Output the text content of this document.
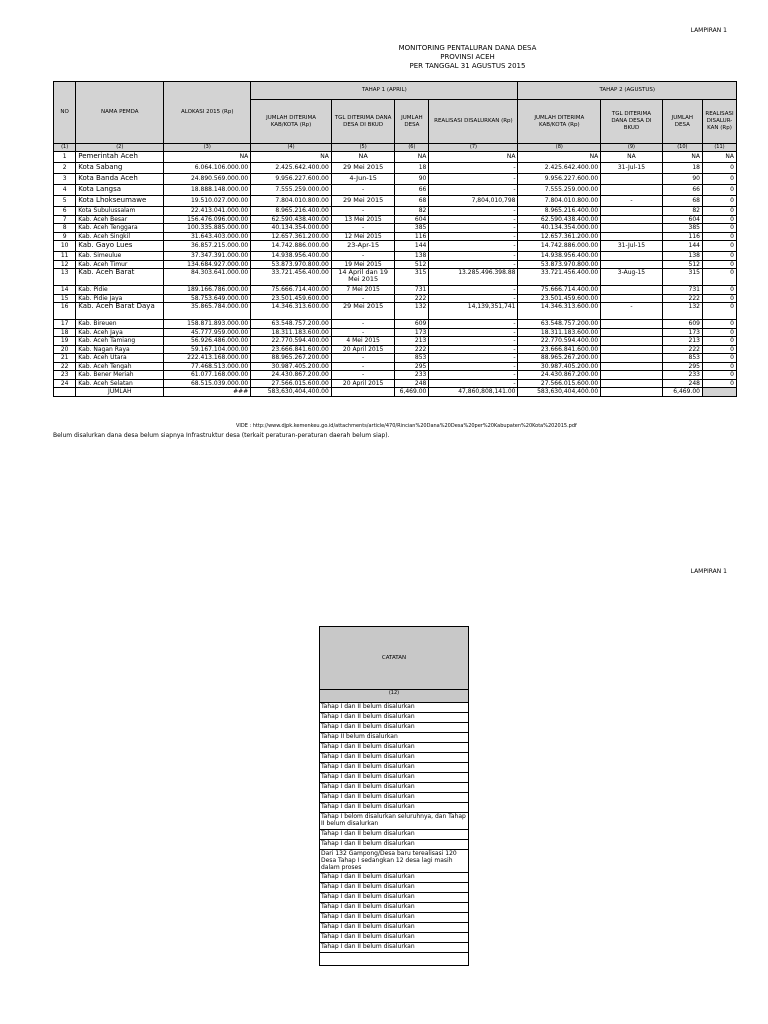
LAMPIRAN 1
MONITORING PENTALURAN DANA DESA
PROVINSI ACEH
PER TANGGAL 31 AGUSTUS 2015
NO	NAMA PEMDA	ALOKASI 2015 (Rp)	TAHAP 1 (APRIL)				TAHAP 2 (AGUSTUS)			
			JUMLAH DITERIMA KAB/KOTA (Rp)	TGL DITERIMA DANA DESA DI BKUD	JUMLAH DESA	REALISASI DISALURKAN (Rp)	JUMLAH DITERIMA KAB/KOTA (Rp)	TGL DITERIMA DANA DESA DI BKUD	JUMLAH DESA	REALISASI DISALUR-KAN (Rp)
(1)	(2)	(3)	(4)	(5)	(6)	(7)	(8)	(9)	(10)	(11)
1	Pemerintah Aceh	NA	NA	NA	NA	NA	NA	NA	NA	NA
2	Kota Sabang	6.064.106.000.00	2.425.642.400.00	29 Mei 2015	18	-	2.425.642.400.00	31-Jul-15	18	0
3	Kota Banda Aceh	24.890.569.000.00	9.956.227.600.00	4-Jun-15	90	-	9.956.227.600.00		90	0
4	Kota Langsa	18.888.148.000.00	7.555.259.000.00	-	66	-	7.555.259.000.00		66	0
5	Kota Lhokseumawe	19.510.027.000.00	7.804.010.800.00	29 Mei 2015	68	7,804,010,798	7.804.010.800.00	-	68	0
6	Kota Subulussalam	22.413.041.000.00	8.965.216.400.00	-	82	-	8.965.216.400.00		82	0
7	Kab. Aceh Besar	156.476.096.000.00	62.590.438.400.00	13 Mei 2015	604	-	62.590.438.400.00		604	0
8	Kab. Aceh Tenggara	100.335.885.000.00	40.134.354.000.00	-	385	-	40.134.354.000.00		385	0
9	Kab. Aceh Singkil	31.643.403.000.00	12.657.361.200.00	12 Mei 2015	116	-	12.657.361.200.00		116	0
10	Kab. Gayo Lues	36.857.215.000.00	14.742.886.000.00	23-Apr-15	144	-	14.742.886.000.00	31-Jul-15	144	0
11	Kab. Simeulue	37.347.391.000.00	14.938.956.400.00	-	138	-	14.938.956.400.00		138	0
12	Kab. Aceh Timur	134.684.927.000.00	53.873.970.800.00	19 Mei 2015	512	-	53.873.970.800.00		512	0
13	Kab. Aceh Barat	84.303.641.000.00	33.721.456.400.00	14 April dan 19 Mei 2015	315	13.285.496.398.88	33.721.456.400.00	3-Aug-15	315	0
14	Kab. Pidie	189.166.786.000.00	75.666.714.400.00	7 Mei 2015	731	-	75.666.714.400.00		731	0
15	Kab. Pidie Jaya	58.753.649.000.00	23.501.459.600.00	-	222	-	23.501.459.600.00		222	0
16	Kab. Aceh Barat Daya	35.865.784.000.00	14.346.313.600.00	29 Mei 2015	132	14,139,351,741	14.346.313.600.00	-	132	0
17	Kab. Bireuen	158.871.893.000.00	63.548.757.200.00	-	609	-	63.548.757.200.00		609	0
18	Kab. Aceh Jaya	45.777.959.000.00	18.311.183.600.00	-	173	-	18.311.183.600.00		173	0
19	Kab. Aceh Tamiang	56.926.486.000.00	22.770.594.400.00	4 Mei 2015	213	-	22.770.594.400.00		213	0
20	Kab. Nagan Raya	59.167.104.000.00	23.666.841.600.00	20 April 2015	222	-	23.666.841.600.00		222	0
21	Kab. Aceh Utara	222.413.168.000.00	88.965.267.200.00	-	853	-	88.965.267.200.00		853	0
22	Kab. Aceh Tengah	77.468.513.000.00	30.987.405.200.00	-	295	-	30.987.405.200.00		295	0
23	Kab. Bener Meriah	61.077.168.000.00	24.430.867.200.00	-	233	-	24.430.867.200.00		233	0
24	Kab. Aceh Selatan	68.515.039.000.00	27.566.015.600.00	20 April 2015	248	-	27.566.015.600.00		248	0
	JUMLAH	###	583,630,404,400.00		6,469.00	47,860,808,141.00	583,630,404,400.00		6,469.00	
VIDE : http://www.djpk.kemenkeu.go.id/attachments/article/470/Rincian%20Dana%20Desa%20per%20Kabupaten%20Kota%202015.pdf
Belum disalurkan dana desa belum siapnya Infrastruktur desa (terkait peraturan-peraturan daerah belum siap).
LAMPIRAN 1
CATATAN
(12)
Tahap I dan II belum disalurkan
Tahap I dan II belum disalurkan
Tahap I dan II belum disalurkan
Tahap II belum disalurkan
Tahap I dan II belum disalurkan
Tahap I dan II belum disalurkan
Tahap I dan II belum disalurkan
Tahap I dan II belum disalurkan
Tahap I dan II belum disalurkan
Tahap I dan II belum disalurkan
Tahap I dan II belum disalurkan
Tahap I belom disalurkan seluruhnya, dan Tahap II belum disalurkan
Tahap I dan II belum disalurkan
Tahap I dan II belum disalurkan
Dari 132 Gampong/Desa baru terealisasi 120 Desa Tahap I sedangkan 12 desa lagi masih dalam proses
Tahap I dan II belum disalurkan
Tahap I dan II belum disalurkan
Tahap I dan II belum disalurkan
Tahap I dan II belum disalurkan
Tahap I dan II belum disalurkan
Tahap I dan II belum disalurkan
Tahap I dan II belum disalurkan
Tahap I dan II belum disalurkan
